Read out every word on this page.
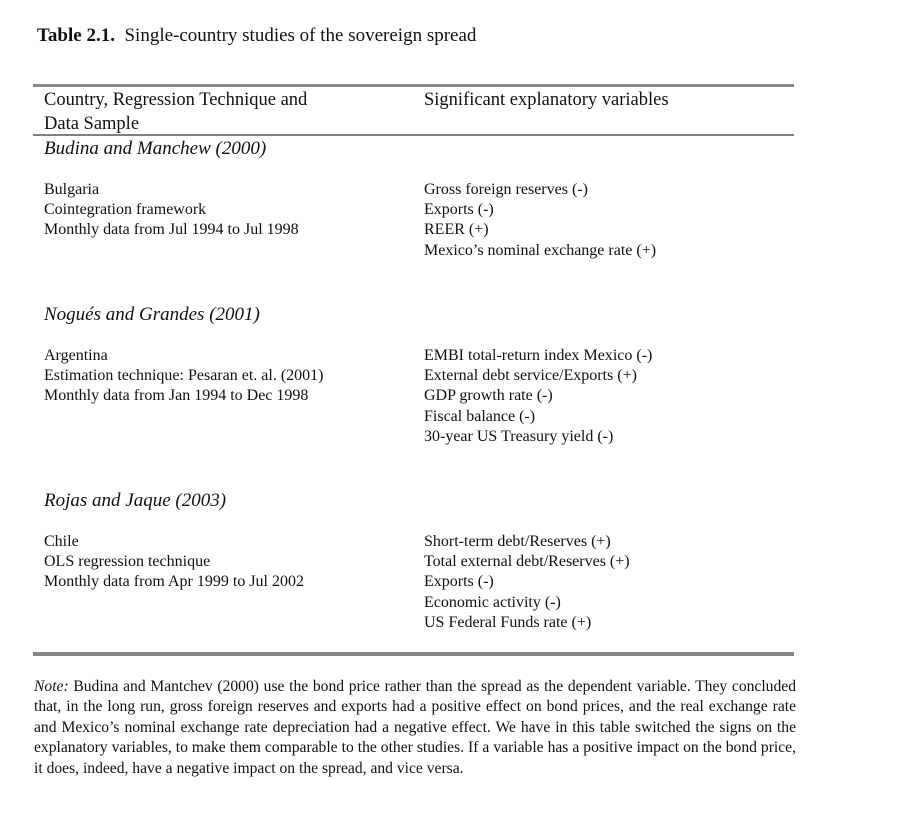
Table 2.1. Single-country studies of the sovereign spread
Country, Regression Technique and
Data Sample
Significant explanatory variables
Budina and Manchew (2000)
Bulgaria
Cointegration framework
Monthly data from Jul 1994 to Jul 1998
Gross foreign reserves (-)
Exports (-)
REER (+)
Mexico’s nominal exchange rate (+)
Nogués and Grandes (2001)
Argentina
Estimation technique: Pesaran et. al. (2001)
Monthly data from Jan 1994 to Dec 1998
EMBI total-return index Mexico (-)
External debt service/Exports (+)
GDP growth rate (-)
Fiscal balance (-)
30-year US Treasury yield (-)
Rojas and Jaque (2003)
Chile
OLS regression technique
Monthly data from Apr 1999 to Jul 2002
Short-term debt/Reserves (+)
Total external debt/Reserves (+)
Exports (-)
Economic activity (-)
US Federal Funds rate (+)
Note: Budina and Mantchev (2000) use the bond price rather than the spread as the dependent variable. They concluded that, in the long run, gross foreign reserves and exports had a positive effect on bond prices, and the real exchange rate and Mexico’s nominal exchange rate depreciation had a negative effect. We have in this table switched the signs on the explanatory variables, to make them comparable to the other studies. If a variable has a positive impact on the bond price, it does, indeed, have a negative impact on the spread, and vice versa.
